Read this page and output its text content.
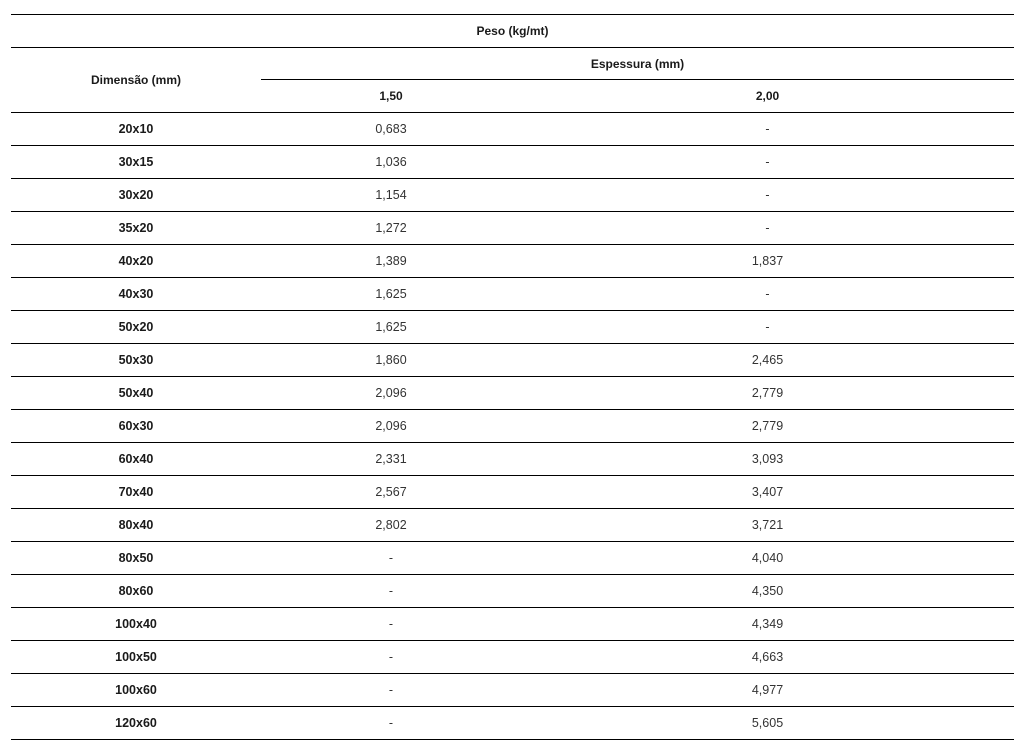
Peso (kg/mt)		
Dimensão (mm)	Espessura (mm)	
	1,50	2,00
20x10	0,683	-
30x15	1,036	-
30x20	1,154	-
35x20	1,272	-
40x20	1,389	1,837
40x30	1,625	-
50x20	1,625	-
50x30	1,860	2,465
50x40	2,096	2,779
60x30	2,096	2,779
60x40	2,331	3,093
70x40	2,567	3,407
80x40	2,802	3,721
80x50	-	4,040
80x60	-	4,350
100x40	-	4,349
100x50	-	4,663
100x60	-	4,977
120x60	-	5,605
